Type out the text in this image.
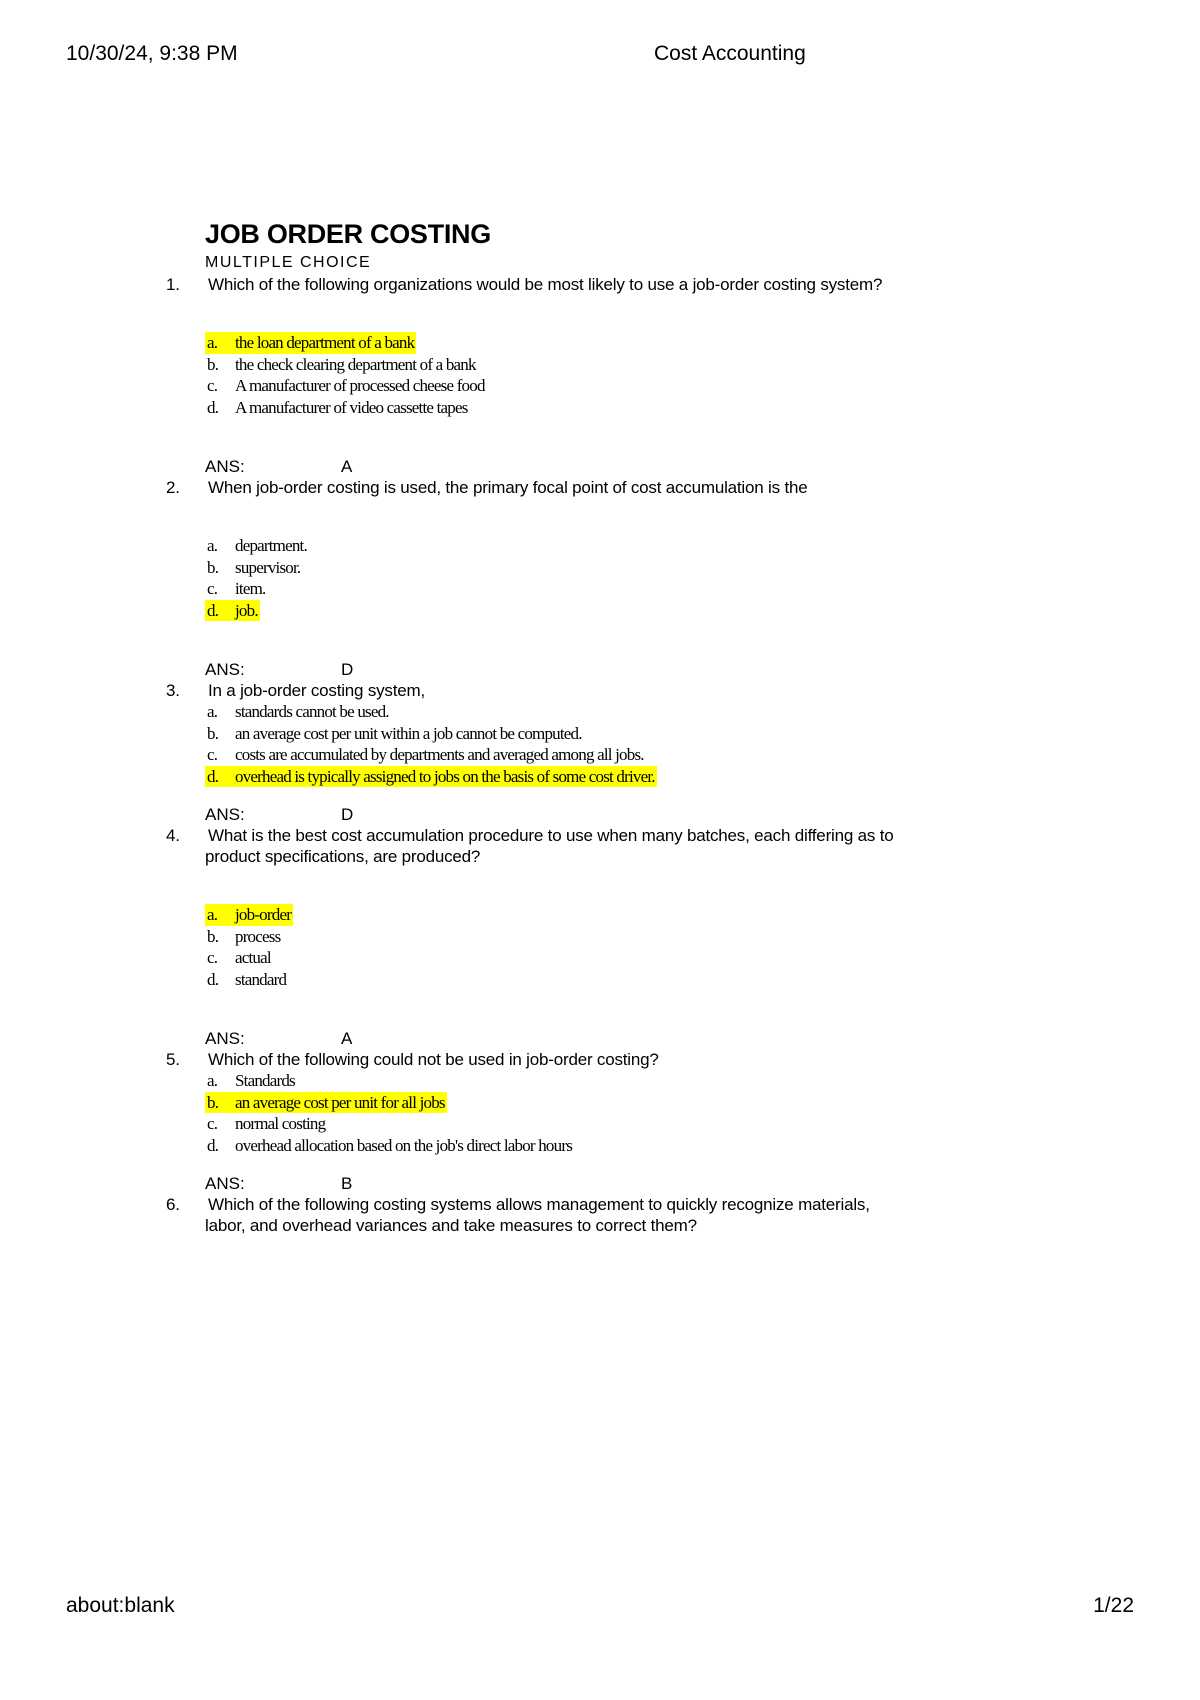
10/30/24, 9:38 PM	Cost Accounting
JOB ORDER COSTING
MULTIPLE CHOICE
1. Which of the following organizations would be most likely to use a job-order costing system?
a. the loan department of a bank
b. the check clearing department of a bank
c. A manufacturer of processed cheese food
d. A manufacturer of video cassette tapes
ANS:	A
2. When job-order costing is used, the primary focal point of cost accumulation is the
a. department.
b. supervisor.
c. item.
d. job.
ANS:	D
3. In a job-order costing system,
a. standards cannot be used.
b. an average cost per unit within a job cannot be computed.
c. costs are accumulated by departments and averaged among all jobs.
d. overhead is typically assigned to jobs on the basis of some cost driver.
ANS:	D
4. What is the best cost accumulation procedure to use when many batches, each differing as to
product specifications, are produced?
a. job-order
b. process
c. actual
d. standard
ANS:	A
5. Which of the following could not be used in job-order costing?
a. Standards
b. an average cost per unit for all jobs
c. normal costing
d. overhead allocation based on the job's direct labor hours
ANS:	B
6. Which of the following costing systems allows management to quickly recognize materials,
labor, and overhead variances and take measures to correct them?
about:blank	1/22
